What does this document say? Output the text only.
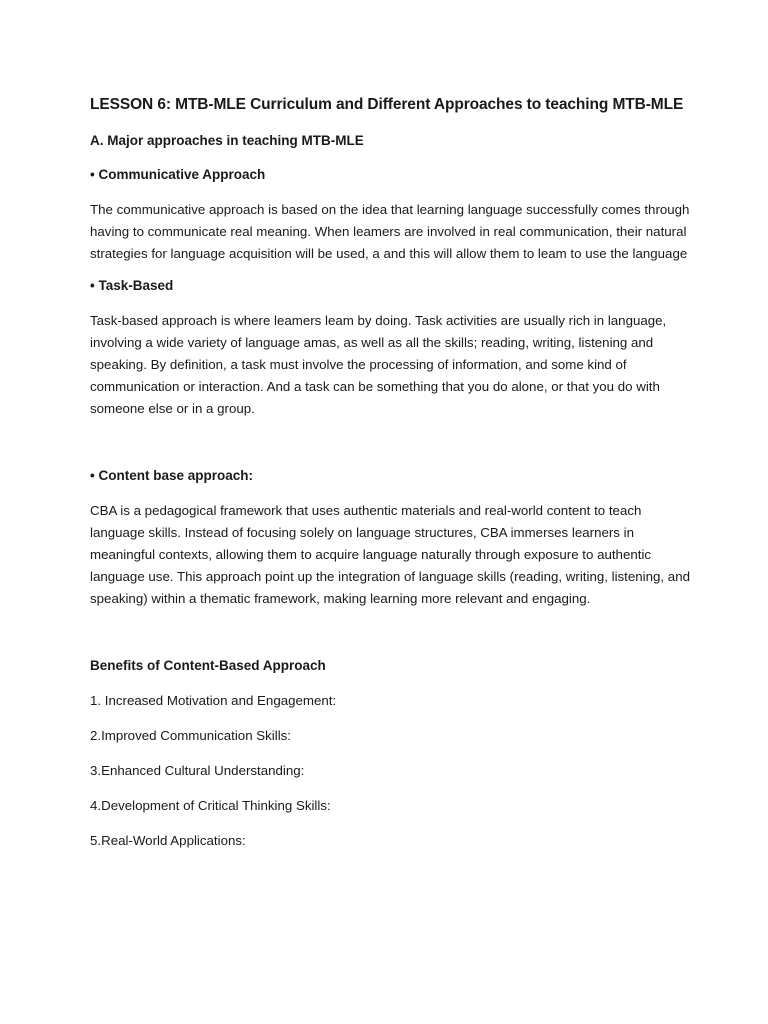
LESSON 6: MTB-MLE Curriculum and Different Approaches to teaching MTB-MLE
A. Major approaches in teaching MTB-MLE
• Communicative Approach

The communicative approach is based on the idea that learning language successfully comes through having to communicate real meaning. When leamers are involved in real communication, their natural strategies for language acquisition will be used, a and this will allow them to leam to use the language

• Task-Based

Task-based approach is where leamers leam by doing. Task activities are usually rich in language, involving a wide variety of language amas, as well as all the skills; reading, writing, listening and speaking. By definition, a task must involve the processing of information, and some kind of communication or interaction. And a task can be something that you do alone, or that you do with someone else or in a group.

• Content base approach:

CBA is a pedagogical framework that uses authentic materials and real-world content to teach language skills. Instead of focusing solely on language structures, CBA immerses learners in meaningful contexts, allowing them to acquire language naturally through exposure to authentic language use. This approach point up the integration of language skills (reading, writing, listening, and speaking) within a thematic framework, making learning more relevant and engaging.

Benefits of Content-Based Approach

1. Increased Motivation and Engagement:

2.Improved Communication Skills:

3.Enhanced Cultural Understanding:

4.Development of Critical Thinking Skills:

5.Real-World Applications:
